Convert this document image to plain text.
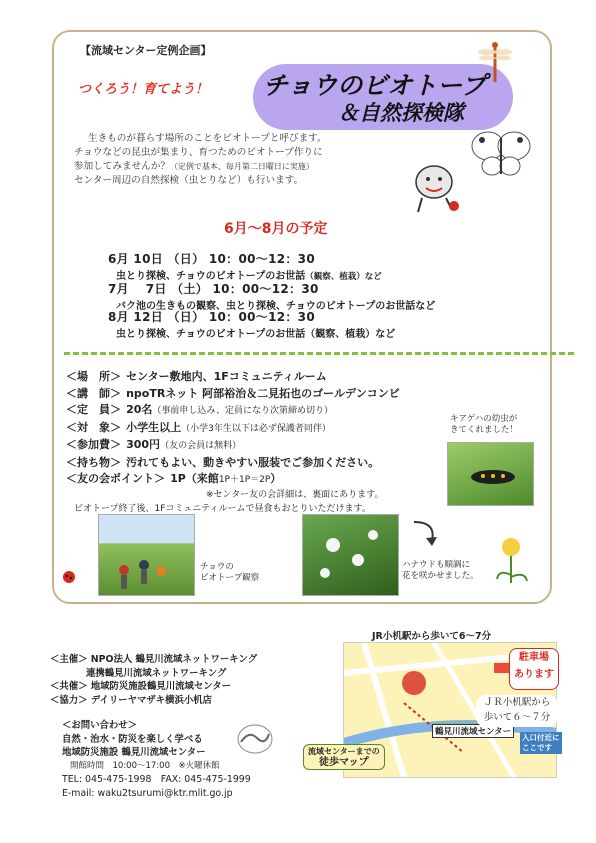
【流域センター定例企画】
つくろう！育てよう！ チョウのビオトープ
＆自然探検隊
生きものが暮らす場所のことをビオトープと呼びます。
チョウなどの昆虫が集まり、育つためのビオトープ作りに
参加してみませんか？（定例で基本、毎月第二日曜日に実施）
センター周辺の自然探検（虫とりなど）も行います。
6月～8月の予定
6月 10日 （日） 10：00～12：30
虫とり探検、チョウのビオトープのお世話（観察、植栽）など
7月　 7日 （土） 10：00～12：30
バク池の生きもの観察、虫とり探検、チョウのビオトープのお世話など
8月 12日 （日） 10：00～12：30
虫とり探検、チョウのビオトープのお世話（観察、植栽）など
＜場　所＞ センター敷地内、1Fコミュニティルーム
＜講　師＞ npoTRネット 阿部裕治＆二見拓也のゴールデンコンビ
＜定　員＞ 20名（事前申し込み、定員になり次第締め切り）
＜対　象＞ 小学生以上（小学3年生以下は必ず保護者同伴）
＜参加費＞ 300円（友の会員は無料）
＜持ち物＞ 汚れてもよい、動きやすい服装でご参加ください。
＜友の会ポイント＞ 1P（来館1P＋1P＝2P）
※センター友の会詳細は、裏面にあります。
ビオトープ終了後、1Fコミュニティルームで昼食もおとりいただけます。
キアゲハの幼虫が
きてくれました！
チョウの
ビオトープ観察
ハナウドも順調に
花を咲かせました。
＜主催＞ NPO法人 鶴見川流域ネットワーキング
連携鶴見川流域ネットワーキング
＜共催＞ 地域防災施設鶴見川流域センター
＜協力＞ デイリーヤマザキ横浜小机店
＜お問い合わせ＞
自然・治水・防災を楽しく学べる
地域防災施設 鶴見川流域センター
開館時間　10:00～17:00　※火曜休館
TEL: 045-475-1998　FAX: 045-475-1999
E-mail: waku2tsurumi@ktr.mlit.go.jp
JR小机駅から歩いて6～7分
鶴見川流域センター
入口付近に
ここです
流域センターまでの
徒歩マップ
駐車場
あります
ＪＲ小机駅から
歩いて６～７分
